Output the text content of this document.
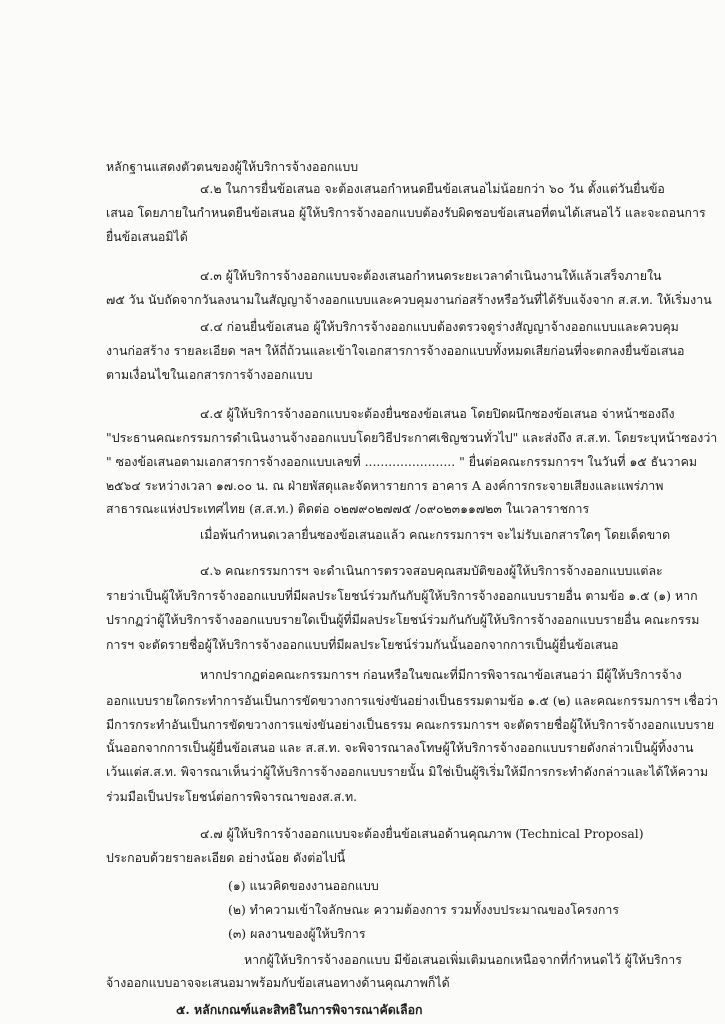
หลักฐานแสดงตัวตนของผู้ให้บริการจ้างออกแบบ
๔.๒ ในการยื่นข้อเสนอ จะต้องเสนอกำหนดยืนข้อเสนอไม่น้อยกว่า ๖๐ วัน ตั้งแต่วันยื่นข้อ
เสนอ โดยภายในกำหนดยืนข้อเสนอ ผู้ให้บริการจ้างออกแบบต้องรับผิดชอบข้อเสนอที่ตนได้เสนอไว้ และจะถอนการ
ยื่นข้อเสนอมิได้
๔.๓ ผู้ให้บริการจ้างออกแบบจะต้องเสนอกำหนดระยะเวลาดำเนินงานให้แล้วเสร็จภายใน
๗๕ วัน นับถัดจากวันลงนามในสัญญาจ้างออกแบบและควบคุมงานก่อสร้างหรือวันที่ได้รับแจ้งจาก ส.ส.ท. ให้เริ่มงาน
๔.๔ ก่อนยื่นข้อเสนอ ผู้ให้บริการจ้างออกแบบต้องตรวจดูร่างสัญญาจ้างออกแบบและควบคุม
งานก่อสร้าง รายละเอียด ฯลฯ ให้ถี่ถ้วนและเข้าใจเอกสารการจ้างออกแบบทั้งหมดเสียก่อนที่จะตกลงยื่นข้อเสนอ
ตามเงื่อนไขในเอกสารการจ้างออกแบบ
๔.๕ ผู้ให้บริการจ้างออกแบบจะต้องยื่นซองข้อเสนอ โดยปิดผนึกซองข้อเสนอ จ่าหน้าซองถึง
"ประธานคณะกรรมการดำเนินงานจ้างออกแบบโดยวิธีประกาศเชิญชวนทั่วไป" และส่งถึง ส.ส.ท. โดยระบุหน้าซองว่า
" ซองข้อเสนอตามเอกสารการจ้างออกแบบเลขที่ ....................... " ยื่นต่อคณะกรรมการฯ ในวันที่ ๑๕ ธันวาคม
๒๕๖๔ ระหว่างเวลา ๑๗.๐๐ น. ณ ฝ่ายพัสดุและจัดหารายการ อาคาร A องค์การกระจายเสียงและแพร่ภาพ
สาธารณะแห่งประเทศไทย (ส.ส.ท.) ติดต่อ ๐๒๗๙๐๒๗๗๕ /๐๙๐๒๓๑๑๗๒๓ ในเวลาราชการ
เมื่อพ้นกำหนดเวลายื่นซองข้อเสนอแล้ว คณะกรรมการฯ จะไม่รับเอกสารใดๆ โดยเด็ดขาด
๔.๖ คณะกรรมการฯ จะดำเนินการตรวจสอบคุณสมบัติของผู้ให้บริการจ้างออกแบบแต่ละ
รายว่าเป็นผู้ให้บริการจ้างออกแบบที่มีผลประโยชน์ร่วมกันกับผู้ให้บริการจ้างออกแบบรายอื่น ตามข้อ ๑.๕ (๑) หาก
ปรากฏว่าผู้ให้บริการจ้างออกแบบรายใดเป็นผู้ที่มีผลประโยชน์ร่วมกันกับผู้ให้บริการจ้างออกแบบรายอื่น คณะกรรม
การฯ จะตัดรายชื่อผู้ให้บริการจ้างออกแบบที่มีผลประโยชน์ร่วมกันนั้นออกจากการเป็นผู้ยื่นข้อเสนอ
หากปรากฏต่อคณะกรรมการฯ ก่อนหรือในขณะที่มีการพิจารณาข้อเสนอว่า มีผู้ให้บริการจ้าง
ออกแบบรายใดกระทำการอันเป็นการขัดขวางการแข่งขันอย่างเป็นธรรมตามข้อ ๑.๕ (๒) และคณะกรรมการฯ เชื่อว่า
มีการกระทำอันเป็นการขัดขวางการแข่งขันอย่างเป็นธรรม คณะกรรมการฯ จะตัดรายชื่อผู้ให้บริการจ้างออกแบบราย
นั้นออกจากการเป็นผู้ยื่นข้อเสนอ และ ส.ส.ท. จะพิจารณาลงโทษผู้ให้บริการจ้างออกแบบรายดังกล่าวเป็นผู้ทิ้งงาน
เว้นแต่ส.ส.ท. พิจารณาเห็นว่าผู้ให้บริการจ้างออกแบบรายนั้น มิใช่เป็นผู้ริเริ่มให้มีการกระทำดังกล่าวและได้ให้ความ
ร่วมมือเป็นประโยชน์ต่อการพิจารณาของส.ส.ท.
๔.๗ ผู้ให้บริการจ้างออกแบบจะต้องยื่นข้อเสนอด้านคุณภาพ (Technical Proposal)
ประกอบด้วยรายละเอียด อย่างน้อย ดังต่อไปนี้
(๑) แนวคิดของงานออกแบบ
(๒) ทำความเข้าใจลักษณะ ความต้องการ รวมทั้งงบประมาณของโครงการ
(๓) ผลงานของผู้ให้บริการ
หากผู้ให้บริการจ้างออกแบบ มีข้อเสนอเพิ่มเติมนอกเหนือจากที่กำหนดไว้ ผู้ให้บริการ
จ้างออกแบบอาจจะเสนอมาพร้อมกับข้อเสนอทางด้านคุณภาพก็ได้
๕. หลักเกณฑ์และสิทธิในการพิจารณาคัดเลือก
